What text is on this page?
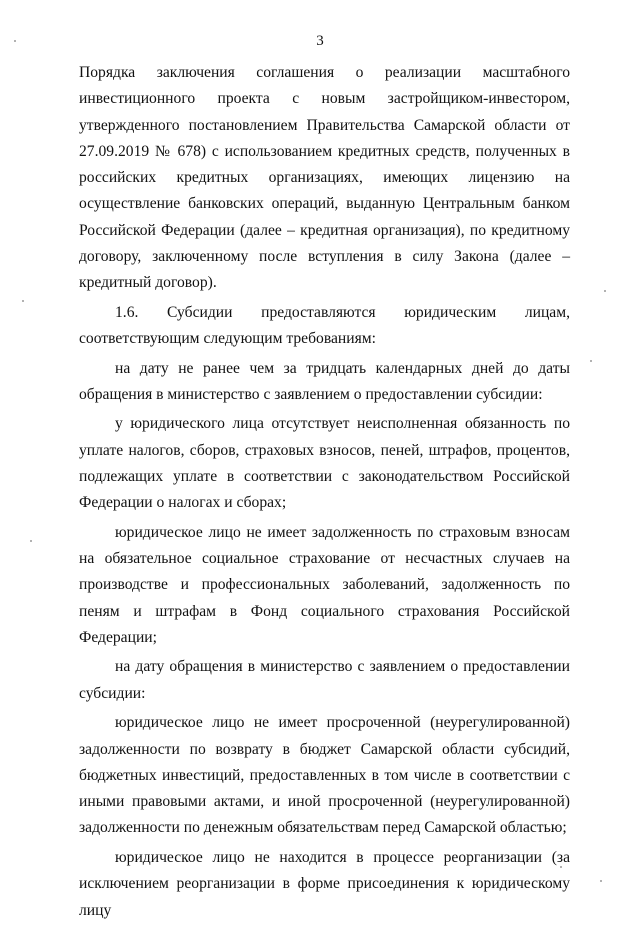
3

Порядка заключения соглашения о реализации масштабного инвестиционного проекта с новым застройщиком-инвестором, утвержденного постановлением Правительства Самарской области от 27.09.2019 № 678) с использованием кредитных средств, полученных в российских кредитных организациях, имеющих лицензию на осуществление банковских операций, выданную Центральным банком Российской Федерации (далее – кредитная организация), по кредитному договору, заключенному после вступления в силу Закона (далее – кредитный договор).

1.6. Субсидии предоставляются юридическим лицам, соответствующим следующим требованиям:

на дату не ранее чем за тридцать календарных дней до даты обращения в министерство с заявлением о предоставлении субсидии:

у юридического лица отсутствует неисполненная обязанность по уплате налогов, сборов, страховых взносов, пеней, штрафов, процентов, подлежащих уплате в соответствии с законодательством Российской Федерации о налогах и сборах;

юридическое лицо не имеет задолженность по страховым взносам на обязательное социальное страхование от несчастных случаев на производстве и профессиональных заболеваний, задолженность по пеням и штрафам в Фонд социального страхования Российской Федерации;

на дату обращения в министерство с заявлением о предоставлении субсидии:

юридическое лицо не имеет просроченной (неурегулированной) задолженности по возврату в бюджет Самарской области субсидий, бюджетных инвестиций, предоставленных в том числе в соответствии с иными правовыми актами, и иной просроченной (неурегулированной) задолженности по денежным обязательствам перед Самарской областью;

юридическое лицо не находится в процессе реорганизации (за исключением реорганизации в форме присоединения к юридическому лицу
